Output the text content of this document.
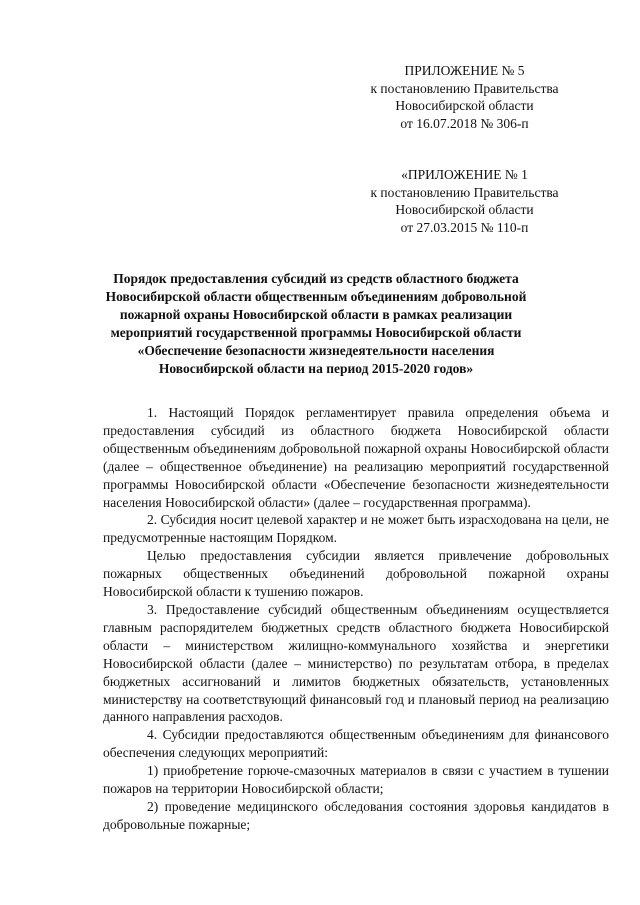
ПРИЛОЖЕНИЕ № 5
к постановлению Правительства
Новосибирской области
от 16.07.2018 № 306-п
«ПРИЛОЖЕНИЕ № 1
к постановлению Правительства
Новосибирской области
от 27.03.2015 № 110-п
Порядок предоставления субсидий из средств областного бюджета
Новосибирской области общественным объединениям добровольной
пожарной охраны Новосибирской области в рамках реализации
мероприятий государственной программы Новосибирской области
«Обеспечение безопасности жизнедеятельности населения
Новосибирской области на период 2015-2020 годов»

1. Настоящий Порядок регламентирует правила определения объема и предоставления субсидий из областного бюджета Новосибирской области общественным объединениям добровольной пожарной охраны Новосибирской области (далее – общественное объединение) на реализацию мероприятий государственной программы Новосибирской области «Обеспечение безопасности жизнедеятельности населения Новосибирской области» (далее – государственная программа).

2. Субсидия носит целевой характер и не может быть израсходована на цели, не предусмотренные настоящим Порядком.

Целью предоставления субсидии является привлечение добровольных пожарных общественных объединений добровольной пожарной охраны Новосибирской области к тушению пожаров.

3. Предоставление субсидий общественным объединениям осуществляется главным распорядителем бюджетных средств областного бюджета Новосибирской области – министерством жилищно-коммунального хозяйства и энергетики Новосибирской области (далее – министерство) по результатам отбора, в пределах бюджетных ассигнований и лимитов бюджетных обязательств, установленных министерству на соответствующий финансовый год и плановый период на реализацию данного направления расходов.

4. Субсидии предоставляются общественным объединениям для финансового обеспечения следующих мероприятий:

1) приобретение горюче-смазочных материалов в связи с участием в тушении пожаров на территории Новосибирской области;

2) проведение медицинского обследования состояния здоровья кандидатов в добровольные пожарные;
